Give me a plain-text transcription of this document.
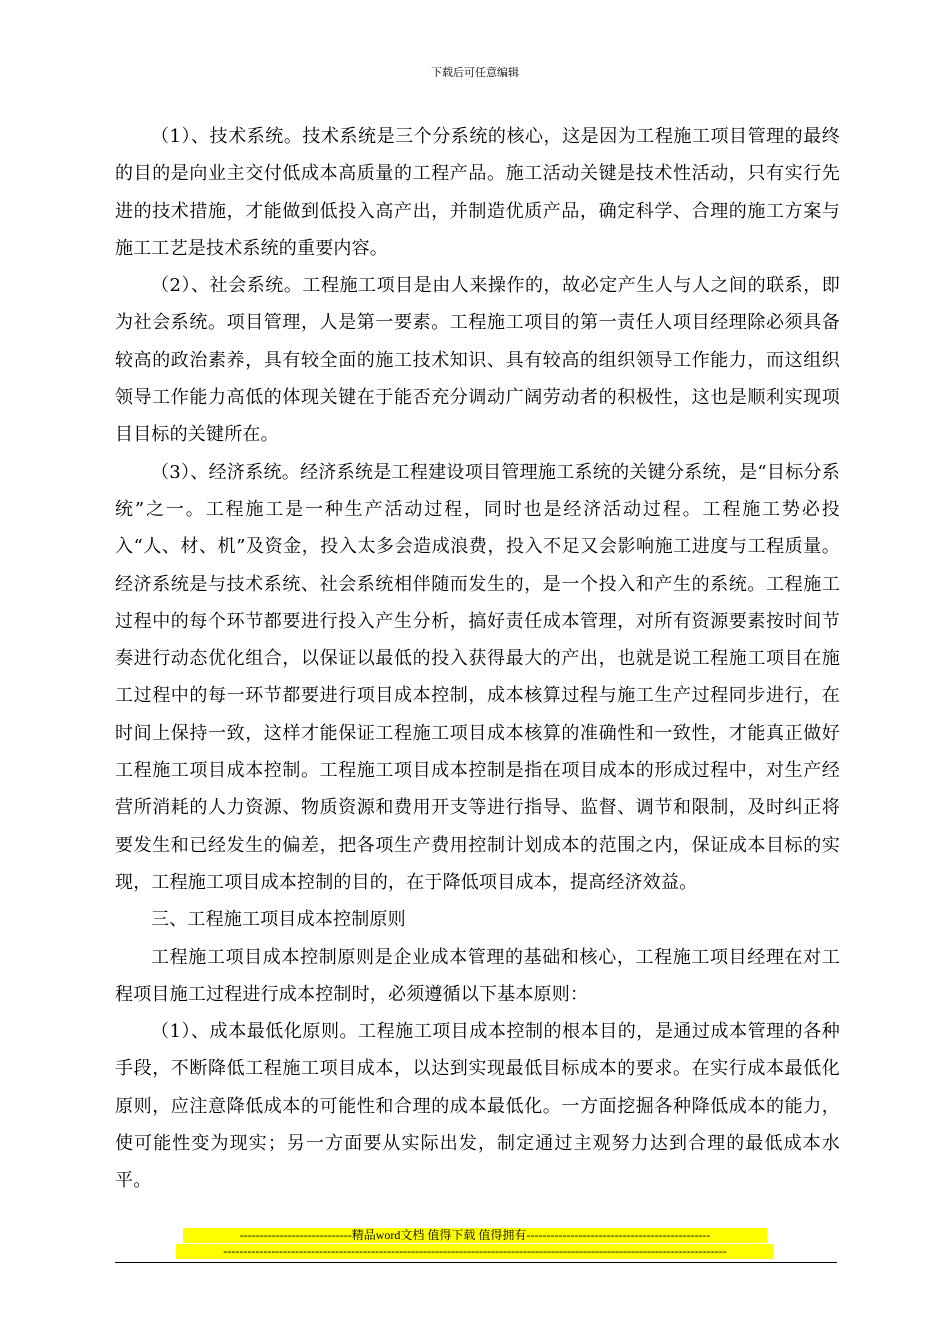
下载后可任意编辑

（1）、技术系统。技术系统是三个分系统的核心，这是因为工程施工项目管理的最终的目的是向业主交付低成本高质量的工程产品。施工活动关键是技术性活动，只有实行先进的技术措施，才能做到低投入高产出，并制造优质产品，确定科学、合理的施工方案与施工工艺是技术系统的重要内容。

（2）、社会系统。工程施工项目是由人来操作的，故必定产生人与人之间的联系，即为社会系统。项目管理，人是第一要素。工程施工项目的第一责任人项目经理除必须具备较高的政治素养，具有较全面的施工技术知识、具有较高的组织领导工作能力，而这组织领导工作能力高低的体现关键在于能否充分调动广阔劳动者的积极性，这也是顺利实现项目目标的关键所在。

（3）、经济系统。经济系统是工程建设项目管理施工系统的关键分系统，是“目标分系统”之一。工程施工是一种生产活动过程，同时也是经济活动过程。工程施工势必投入“人、材、机”及资金，投入太多会造成浪费，投入不足又会影响施工进度与工程质量。经济系统是与技术系统、社会系统相伴随而发生的，是一个投入和产生的系统。工程施工过程中的每个环节都要进行投入产生分析，搞好责任成本管理，对所有资源要素按时间节奏进行动态优化组合，以保证以最低的投入获得最大的产出，也就是说工程施工项目在施工过程中的每一环节都要进行项目成本控制，成本核算过程与施工生产过程同步进行，在时间上保持一致，这样才能保证工程施工项目成本核算的准确性和一致性，才能真正做好工程施工项目成本控制。工程施工项目成本控制是指在项目成本的形成过程中，对生产经营所消耗的人力资源、物质资源和费用开支等进行指导、监督、调节和限制，及时纠正将要发生和已经发生的偏差，把各项生产费用控制计划成本的范围之内，保证成本目标的实现，工程施工项目成本控制的目的，在于降低项目成本，提高经济效益。

三、工程施工项目成本控制原则

工程施工项目成本控制原则是企业成本管理的基础和核心，工程施工项目经理在对工程项目施工过程进行成本控制时，必须遵循以下基本原则：

（1）、成本最低化原则。工程施工项目成本控制的根本目的，是通过成本管理的各种手段，不断降低工程施工项目成本，以达到实现最低目标成本的要求。在实行成本最低化原则，应注意降低成本的可能性和合理的成本最低化。一方面挖掘各种降低成本的能力，使可能性变为现实；另一方面要从实际出发，制定通过主观努力达到合理的最低成本水平。

----------------------------精品word文档 值得下载 值得拥有----------------------------------------------
------------------------------------------------------------------------------------------------------------------------------
